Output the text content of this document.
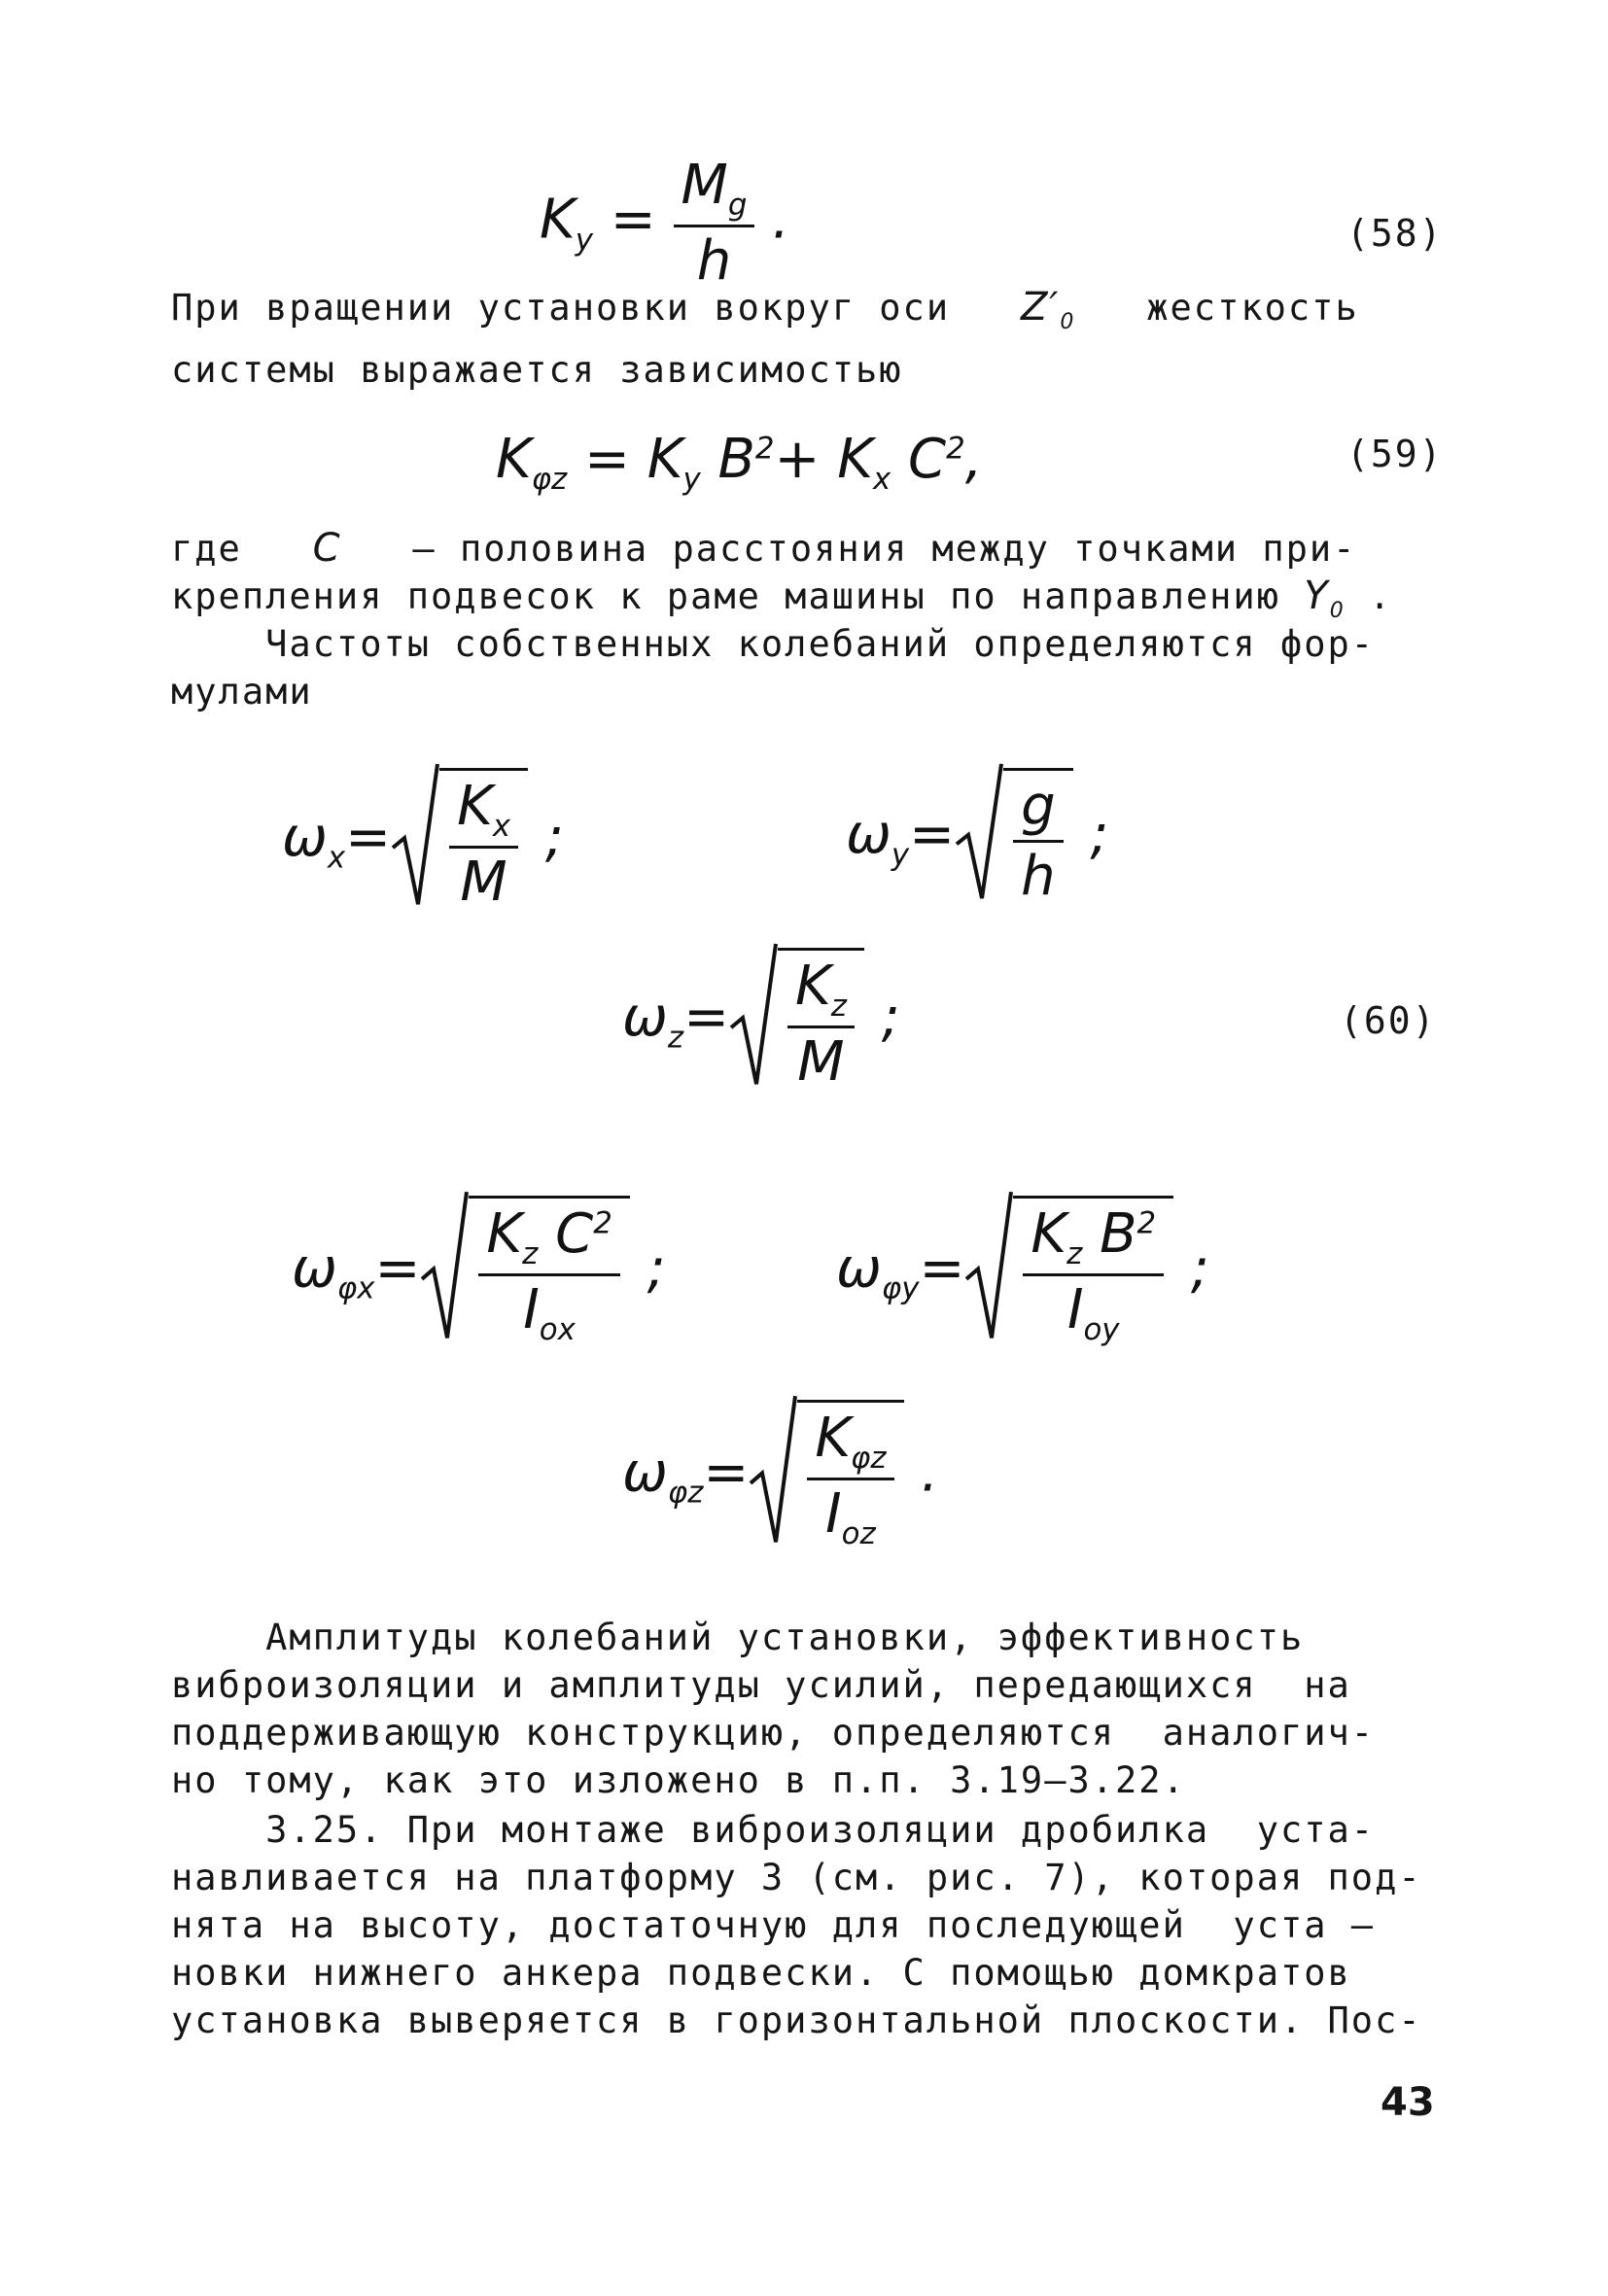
$K_y = \frac{M_g}{h}$ .	(58)
При вращении установки вокруг оси $Z'_0$ жесткость
системы выражается зависимостью
$K_{\varphi z} = K_y$ $B^2+ K_x$ $C^2$,	(59)
где C – половина расстояния между точками при-
крепления подвесок к раме машины по направлению $Y_0$ .
Частоты собственных колебаний определяются фор-
мулами
$\omega_x= \frac{K_x}{M}$ ;	$\omega_y= \frac{g}{h}$ ;
$\omega_z= \frac{K_z}{M}$ ;	(60)
$\omega_{\varphi x}= \frac{K_z C^2}{I_{ox}}$ ;	$\omega_{\varphi y}= \frac{K_z B^2}{I_{oy}}$ ;
$\omega_{\varphi z}= \frac{K_{\varphi z}}{I_{oz}}$ .
Амплитуды колебаний установки, эффективность
виброизоляции и амплитуды усилий, передающихся  на
поддерживающую конструкцию, определяются  аналогич-
но тому, как это изложено в п.п. 3.19–3.22.
3.25. При монтаже виброизоляции дробилка  уста-
навливается на платформу 3 (см. рис. 7), которая под-
нята на высоту, достаточную для последующей  уста –
новки нижнего анкера подвески. С помощью домкратов
установка выверяется в горизонтальной плоскости. Пос-
43
